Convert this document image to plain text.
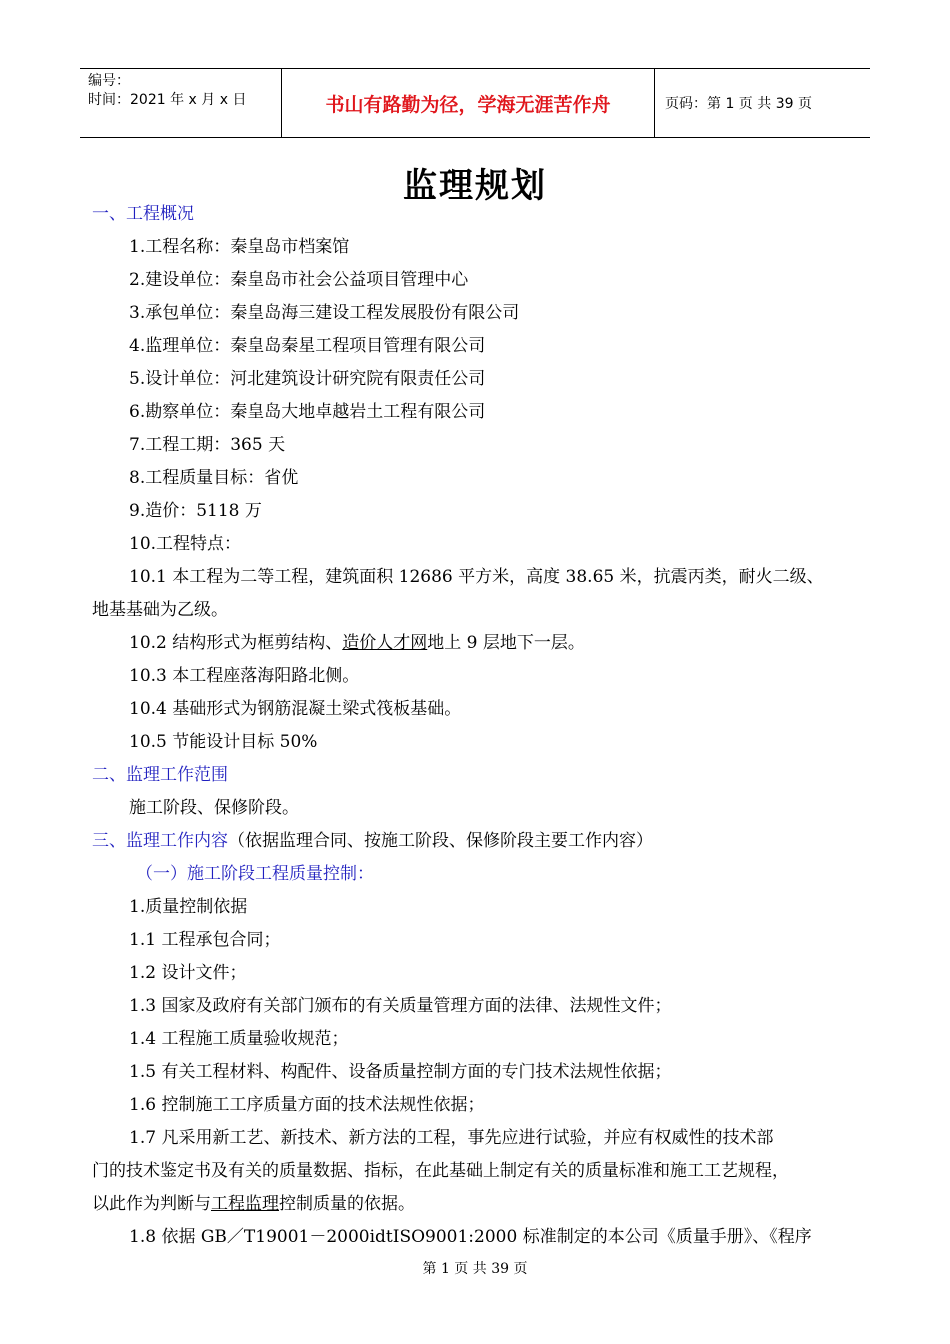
编号：
时间：2021 年 x 月 x 日	书山有路勤为径，学海无涯苦作舟	页码：第 1 页 共 39 页
监理规划

一、工程概况

1.工程名称：秦皇岛市档案馆

2.建设单位：秦皇岛市社会公益项目管理中心

3.承包单位：秦皇岛海三建设工程发展股份有限公司

4.监理单位：秦皇岛秦星工程项目管理有限公司

5.设计单位：河北建筑设计研究院有限责任公司

6.勘察单位：秦皇岛大地卓越岩土工程有限公司

7.工程工期：365 天

8.工程质量目标：省优

9.造价：5118 万

10.工程特点：

10.1 本工程为二等工程，建筑面积 12686 平方米，高度 38.65 米，抗震丙类，耐火二级、

地基基础为乙级。

10.2 结构形式为框剪结构、造价人才网地上 9 层地下一层。

10.3 本工程座落海阳路北侧。

10.4 基础形式为钢筋混凝土梁式筏板基础。

10.5 节能设计目标 50%

二、监理工作范围

施工阶段、保修阶段。

三、监理工作内容（依据监理合同、按施工阶段、保修阶段主要工作内容）

（一）施工阶段工程质量控制：

1.质量控制依据

1.1 工程承包合同；

1.2 设计文件；

1.3 国家及政府有关部门颁布的有关质量管理方面的法律、法规性文件；

1.4 工程施工质量验收规范；

1.5 有关工程材料、构配件、设备质量控制方面的专门技术法规性依据；

1.6 控制施工工序质量方面的技术法规性依据；

1.7 凡采用新工艺、新技术、新方法的工程，事先应进行试验，并应有权威性的技术部

门的技术鉴定书及有关的质量数据、指标，在此基础上制定有关的质量标准和施工工艺规程，

以此作为判断与工程监理控制质量的依据。

1.8 依据 GB／T19001－2000idtISO9001:2000 标准制定的本公司《质量手册》、《程序

第 1 页 共 39 页
